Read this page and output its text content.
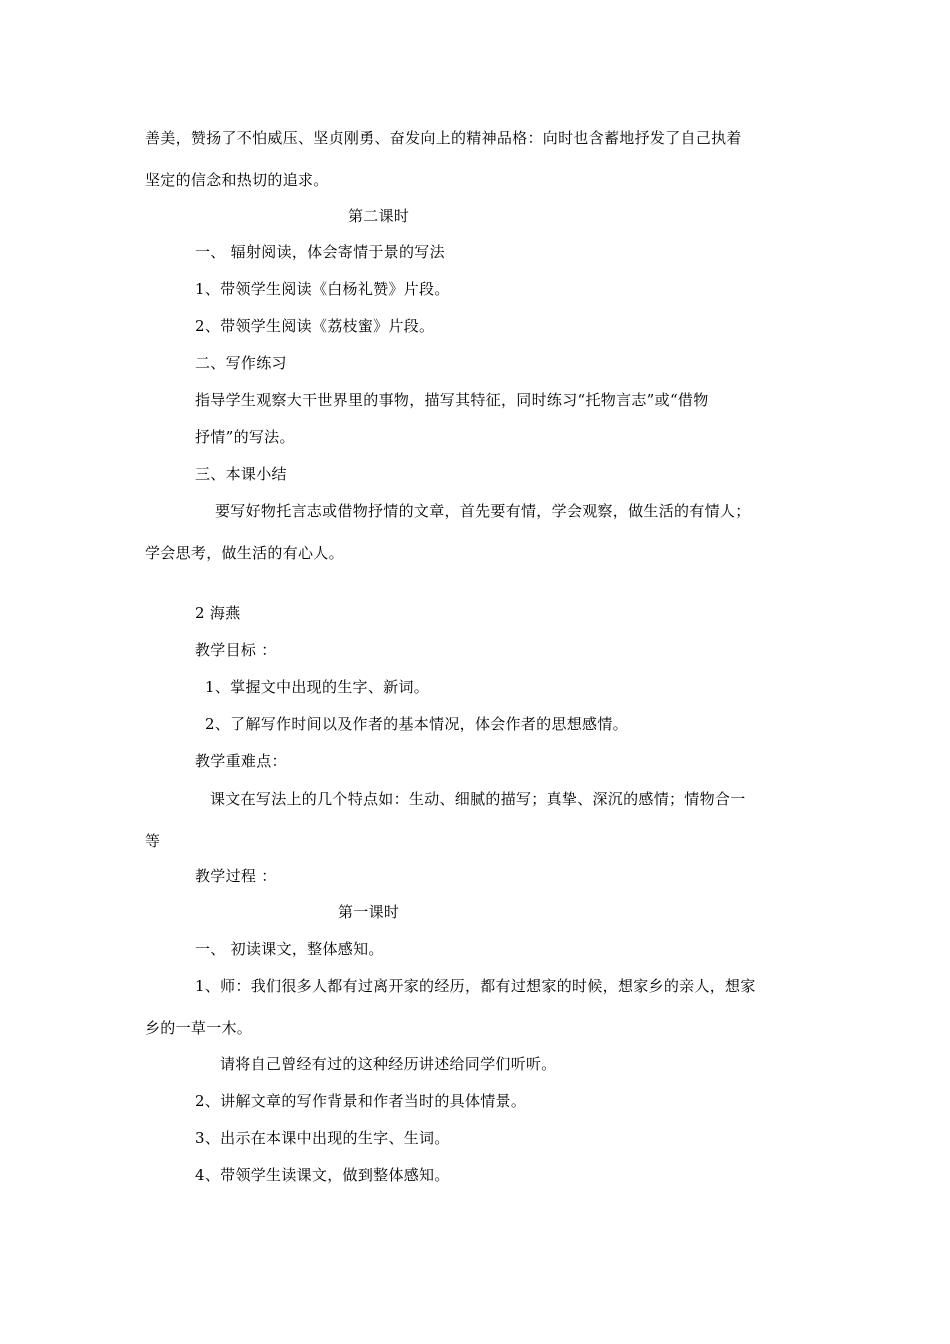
善美，赞扬了不怕威压、坚贞刚勇、奋发向上的精神品格：向时也含蓄地抒发了自己执着
坚定的信念和热切的追求。
第二课时
一、 辐射阅读，体会寄情于景的写法
1、带领学生阅读《白杨礼赞》片段。
2、带领学生阅读《荔枝蜜》片段。
二、写作练习
指导学生观察大干世界里的事物，描写其特征，同时练习“托物言志”或“借物
抒情”的写法。
三、本课小结
要写好物托言志或借物抒情的文章，首先要有情，学会观察，做生活的有情人；
学会思考，做生活的有心人。
2 海燕
教学目标 ：
1、掌握文中出现的生字、新词。
2、了解写作时间以及作者的基本情况，体会作者的思想感情。
教学重难点：
课文在写法上的几个特点如：生动、细腻的描写；真挚、深沉的感情；情物合一
等
教学过程 ：
第一课时
一、 初读课文，整体感知。
1、师：我们很多人都有过离开家的经历，都有过想家的时候，想家乡的亲人，想家
乡的一草一木。
请将自己曾经有过的这种经历讲述给同学们听听。
2、讲解文章的写作背景和作者当时的具体情景。
3、出示在本课中出现的生字、生词。
4、带领学生读课文，做到整体感知。
